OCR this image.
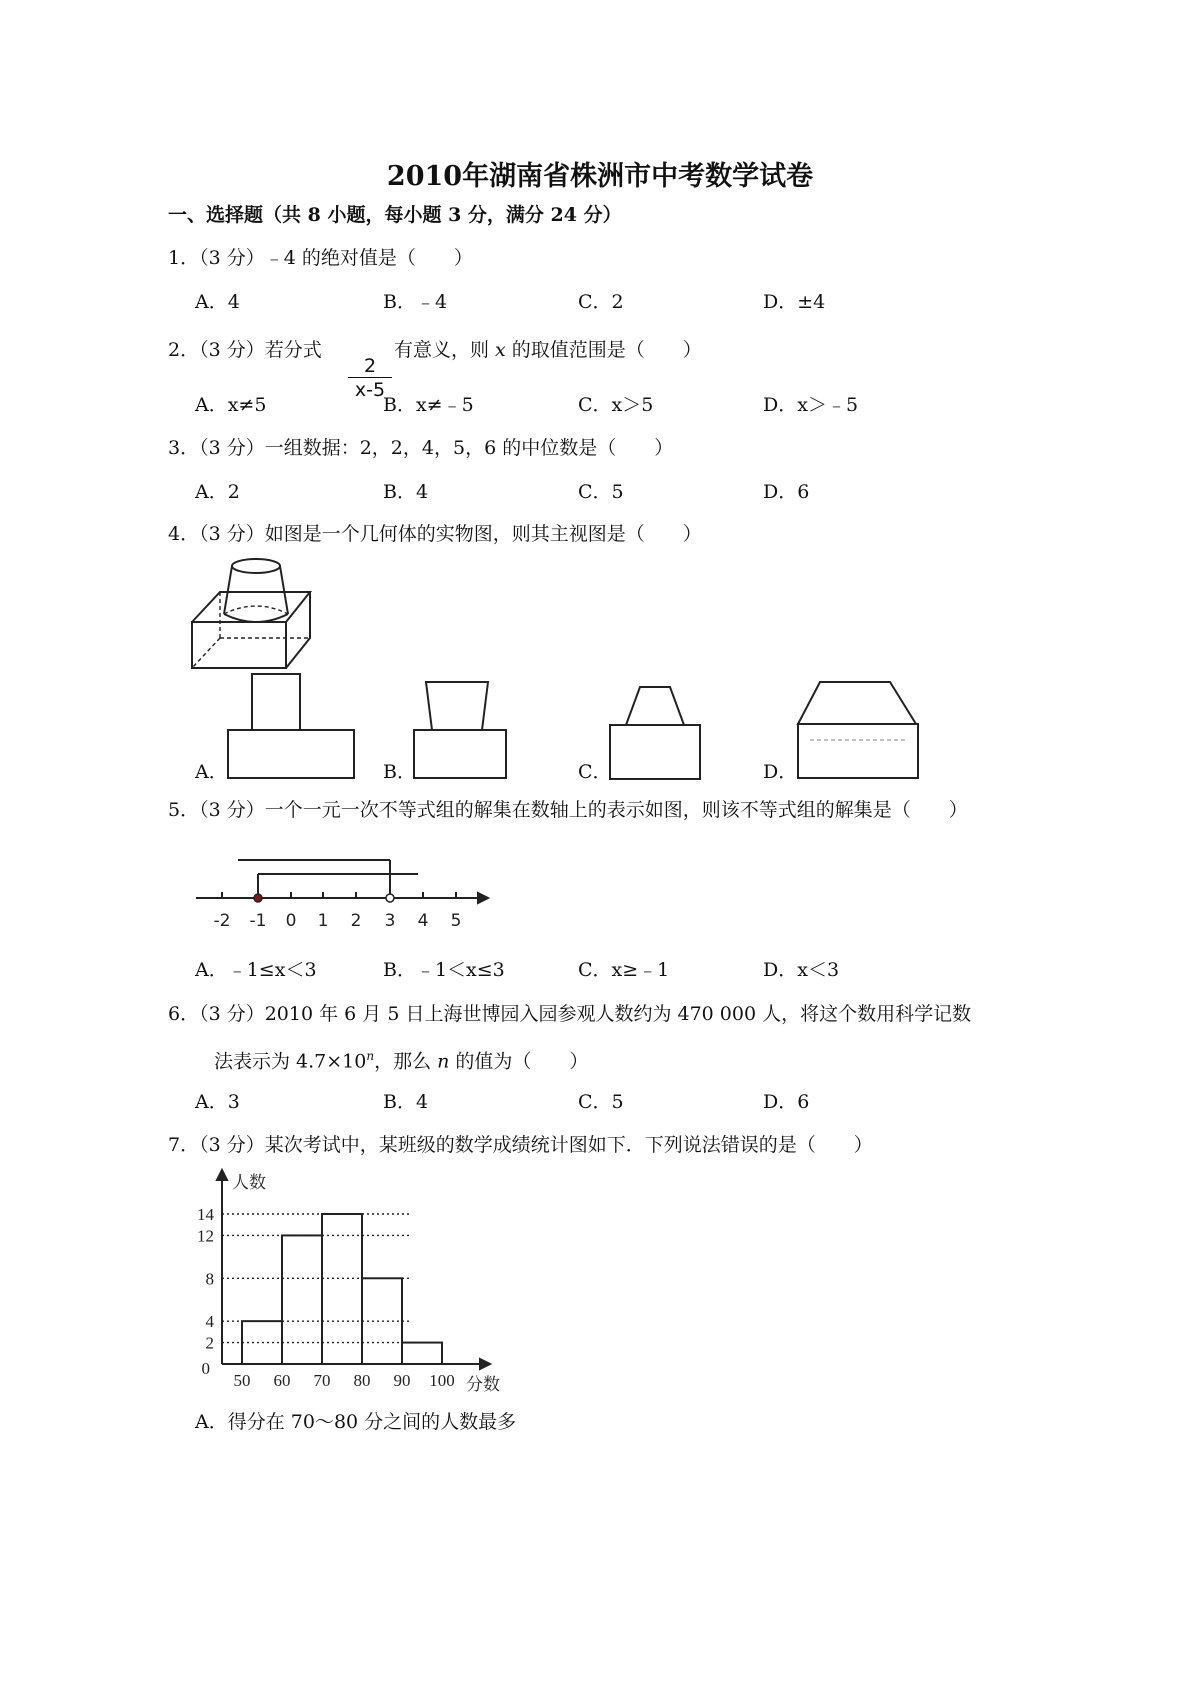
2010年湖南省株洲市中考数学试卷
一、选择题（共 8 小题，每小题 3 分，满分 24 分）
1．（3 分）﹣4 的绝对值是（　　）
A．4	B．﹣4	C．2	D．±4
2．（3 分）若分式
$\frac{2}{x-5}$
有意义，则 x 的取值范围是（　　）
A．x≠5	B．x≠﹣5	C．x＞5	D．x＞﹣5
3．（3 分）一组数据：2，2，4，5，6 的中位数是（　　）
A．2	B．4	C．5	D．6
4．（3 分）如图是一个几何体的实物图，则其主视图是（　　）
A．	B．	C．	D．
5．（3 分）一个一元一次不等式组的解集在数轴上的表示如图，则该不等式组的解集是（　　）
-2 -1 0 1 2 3 4 5
A．﹣1≤x＜3	B．﹣1＜x≤3	C．x≥﹣1	D．x＜3
6．（3 分）2010 年 6 月 5 日上海世博园入园参观人数约为 470 000 人，将这个数用科学记数
法表示为 $4.7\times 10^n$，那么 n 的值为（　　）
A．3	B．4	C．5	D．6
7．（3 分）某次考试中，某班级的数学成绩统计图如下．下列说法错误的是（　　）
人数
分数
0
2
4
8
12
14
50 60 70 80 90 100
A．得分在 70～80 分之间的人数最多
